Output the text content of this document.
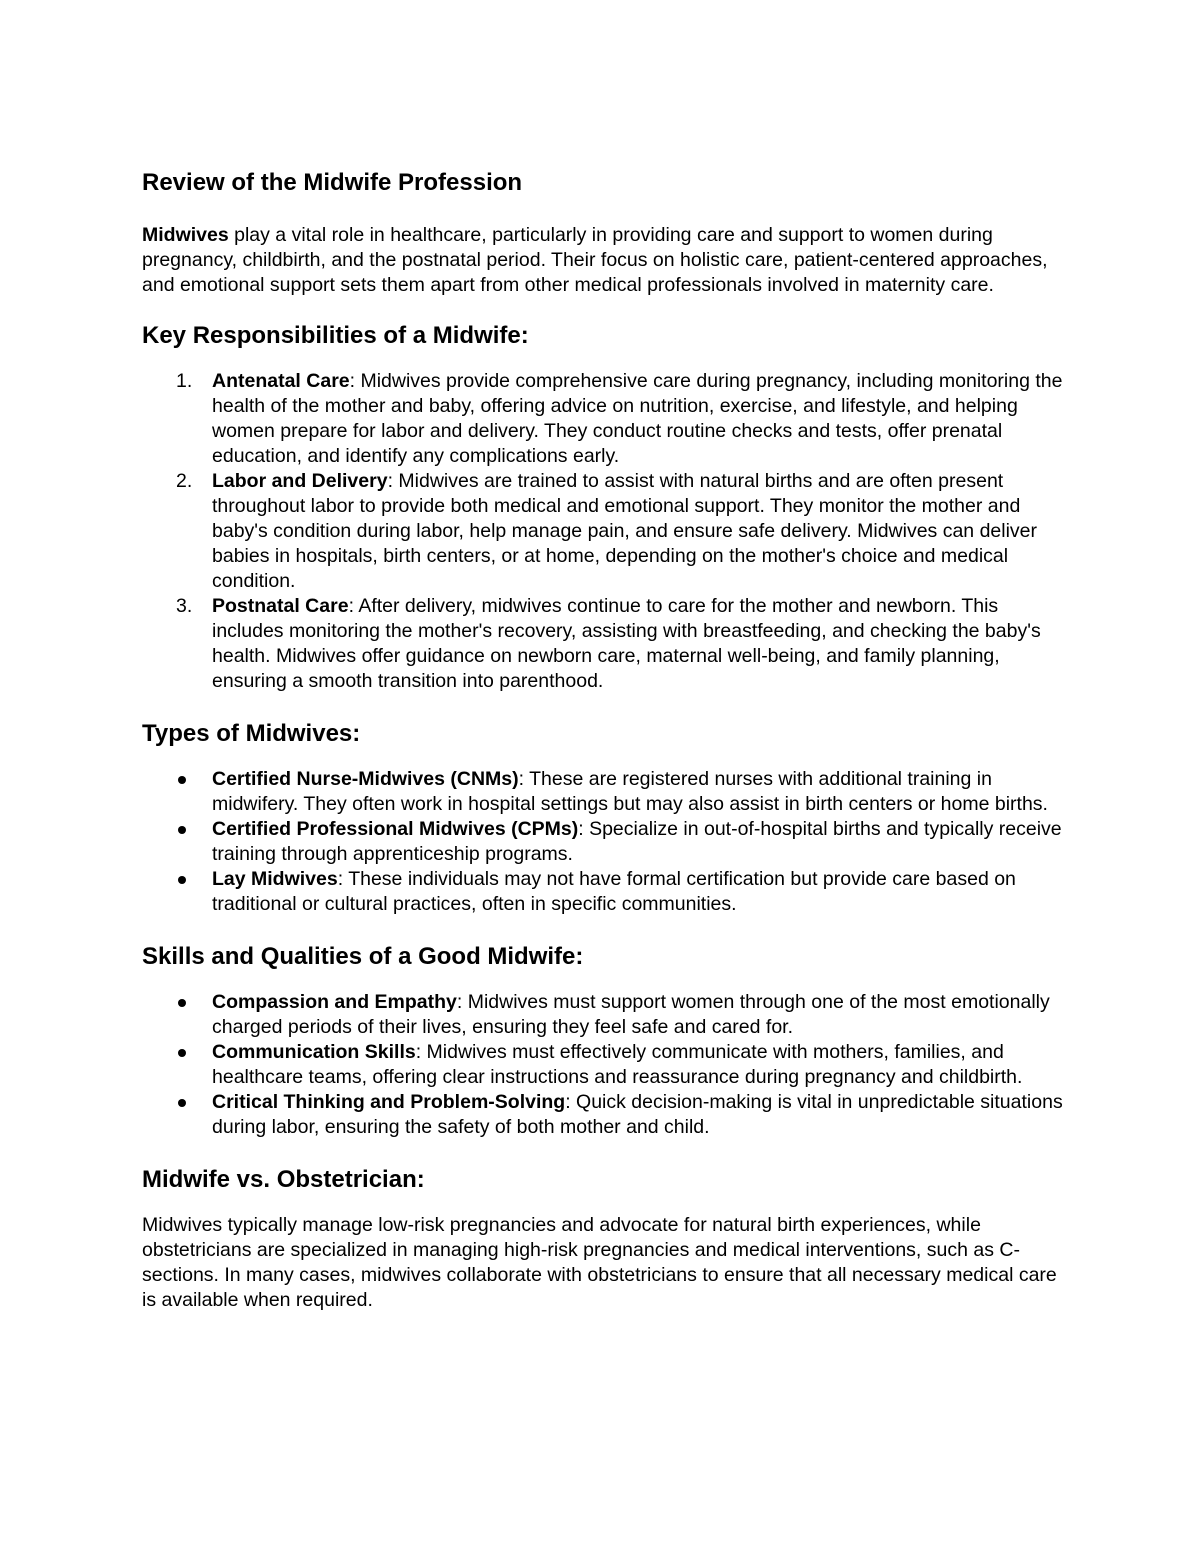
Review of the Midwife Profession

Midwives play a vital role in healthcare, particularly in providing care and support to women during pregnancy, childbirth, and the postnatal period. Their focus on holistic care, patient-centered approaches, and emotional support sets them apart from other medical professionals involved in maternity care.

Key Responsibilities of a Midwife:
1. Antenatal Care: Midwives provide comprehensive care during pregnancy, including monitoring the health of the mother and baby, offering advice on nutrition, exercise, and lifestyle, and helping women prepare for labor and delivery. They conduct routine checks and tests, offer prenatal education, and identify any complications early.
2. Labor and Delivery: Midwives are trained to assist with natural births and are often present throughout labor to provide both medical and emotional support. They monitor the mother and baby's condition during labor, help manage pain, and ensure safe delivery. Midwives can deliver babies in hospitals, birth centers, or at home, depending on the mother's choice and medical condition.
3. Postnatal Care: After delivery, midwives continue to care for the mother and newborn. This includes monitoring the mother's recovery, assisting with breastfeeding, and checking the baby's health. Midwives offer guidance on newborn care, maternal well-being, and family planning, ensuring a smooth transition into parenthood.
Types of Midwives:
Certified Nurse-Midwives (CNMs): These are registered nurses with additional training in midwifery. They often work in hospital settings but may also assist in birth centers or home births.
Certified Professional Midwives (CPMs): Specialize in out-of-hospital births and typically receive training through apprenticeship programs.
Lay Midwives: These individuals may not have formal certification but provide care based on traditional or cultural practices, often in specific communities.
Skills and Qualities of a Good Midwife:
Compassion and Empathy: Midwives must support women through one of the most emotionally charged periods of their lives, ensuring they feel safe and cared for.
Communication Skills: Midwives must effectively communicate with mothers, families, and healthcare teams, offering clear instructions and reassurance during pregnancy and childbirth.
Critical Thinking and Problem-Solving: Quick decision-making is vital in unpredictable situations during labor, ensuring the safety of both mother and child.
Midwife vs. Obstetrician:

Midwives typically manage low-risk pregnancies and advocate for natural birth experiences, while obstetricians are specialized in managing high-risk pregnancies and medical interventions, such as C-sections. In many cases, midwives collaborate with obstetricians to ensure that all necessary medical care is available when required.
